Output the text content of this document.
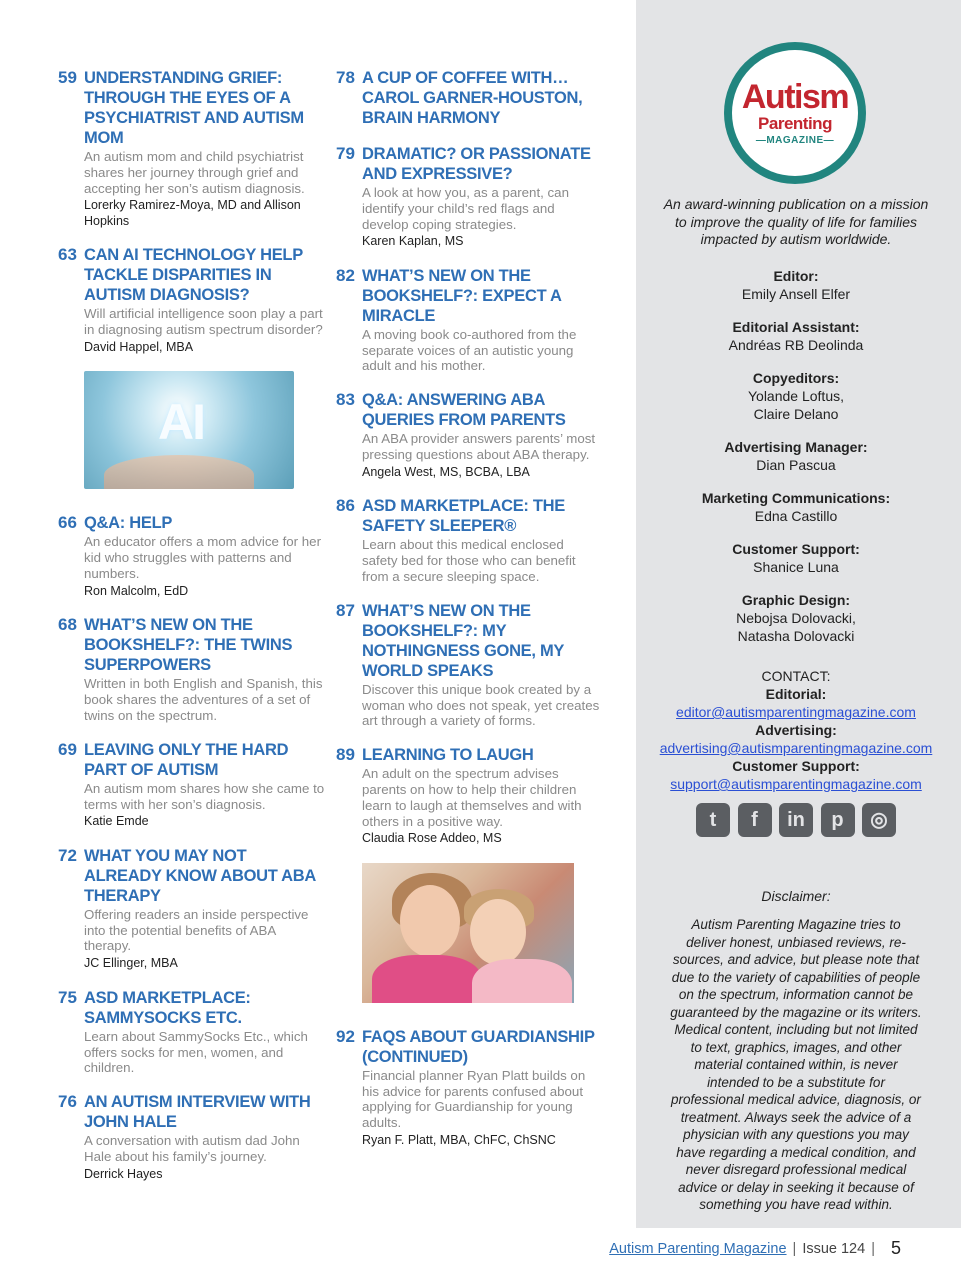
59 UNDERSTANDING GRIEF: THROUGH THE EYES OF A PSYCHIATRIST AND AUTISM MOM
An autism mom and child psychiatrist shares her journey through grief and accepting her son’s autism diagnosis.
Lorerky Ramirez-Moya, MD and Allison Hopkins
63 CAN AI TECHNOLOGY HELP TACKLE DISPARITIES IN AUTISM DIAGNOSIS?
Will artificial intelligence soon play a part in diagnosing autism spectrum disorder?
David Happel, MBA
AI
66 Q&A: HELP
An educator offers a mom advice for her kid who struggles with patterns and numbers.
Ron Malcolm, EdD
68 WHAT’S NEW ON THE BOOKSHELF?: THE TWINS SUPERPOWERS
Written in both English and Spanish, this book shares the adventures of a set of twins on the spectrum.
69 LEAVING ONLY THE HARD PART OF AUTISM
An autism mom shares how she came to terms with her son’s diagnosis.
Katie Emde
72 WHAT YOU MAY NOT ALREADY KNOW ABOUT ABA THERAPY
Offering readers an inside perspective into the potential benefits of ABA therapy.
JC Ellinger, MBA
75 ASD MARKETPLACE: SAMMYSOCKS ETC.
Learn about SammySocks Etc., which offers socks for men, women, and children.
76 AN AUTISM INTERVIEW WITH JOHN HALE
A conversation with autism dad John Hale about his family’s journey.
Derrick Hayes
78 A CUP OF COFFEE WITH… CAROL GARNER-HOUSTON, BRAIN HARMONY
79 DRAMATIC? OR PASSIONATE AND EXPRESSIVE?
A look at how you, as a parent, can identify your child’s red flags and develop coping strategies.
Karen Kaplan, MS
82 WHAT’S NEW ON THE BOOKSHELF?: EXPECT A MIRACLE
A moving book co-authored from the separate voices of an autistic young adult and his mother.
83 Q&A: ANSWERING ABA QUERIES FROM PARENTS
An ABA provider answers parents’ most pressing questions about ABA therapy.
Angela West, MS, BCBA, LBA
86 ASD MARKETPLACE: THE SAFETY SLEEPER®
Learn about this medical enclosed safety bed for those who can benefit from a secure sleeping space.
87 WHAT’S NEW ON THE BOOKSHELF?: MY NOTHINGNESS GONE, MY WORLD SPEAKS
Discover this unique book created by a woman who does not speak, yet creates art through a variety of forms.
89 LEARNING TO LAUGH
An adult on the spectrum advises parents on how to help their children learn to laugh at themselves and with others in a positive way.
Claudia Rose Addeo, MS
92 FAQS ABOUT GUARDIANSHIP (CONTINUED)
Financial planner Ryan Platt builds on his advice for parents confused about applying for Guardianship for young adults.
Ryan F. Platt, MBA, ChFC, ChSNC
Autism
Parenting
—MAGAZINE—
An award-winning publication on a mission to improve the quality of life for families impacted by autism worldwide.
Editor:
Emily Ansell Elfer
Editorial Assistant:
Andréas RB Deolinda
Copyeditors:
Yolande Loftus,
Claire Delano
Advertising Manager:
Dian Pascua
Marketing Communications:
Edna Castillo
Customer Support:
Shanice Luna
Graphic Design:
Nebojsa Dolovacki,
Natasha Dolovacki
CONTACT:
Editorial:
editor@autismparentingmagazine.com
Advertising:
advertising@autismparentingmagazine.com
Customer Support:
support@autismparentingmagazine.com
t	f	in	p	◎
Disclaimer:
Autism Parenting Magazine tries to deliver honest, unbiased reviews, re-sources, and advice, but please note that due to the variety of capabilities of people on the spectrum, information cannot be guaranteed by the magazine or its writers. Medical content, including but not limited to text, graphics, images, and other material contained within, is never intended to be a substitute for professional medical advice, diagnosis, or treatment. Always seek the advice of a physician with any questions you may have regarding a medical condition, and never disregard professional medical advice or delay in seeking it because of something you have read within.
Autism Parenting Magazine | Issue 124 | 5
